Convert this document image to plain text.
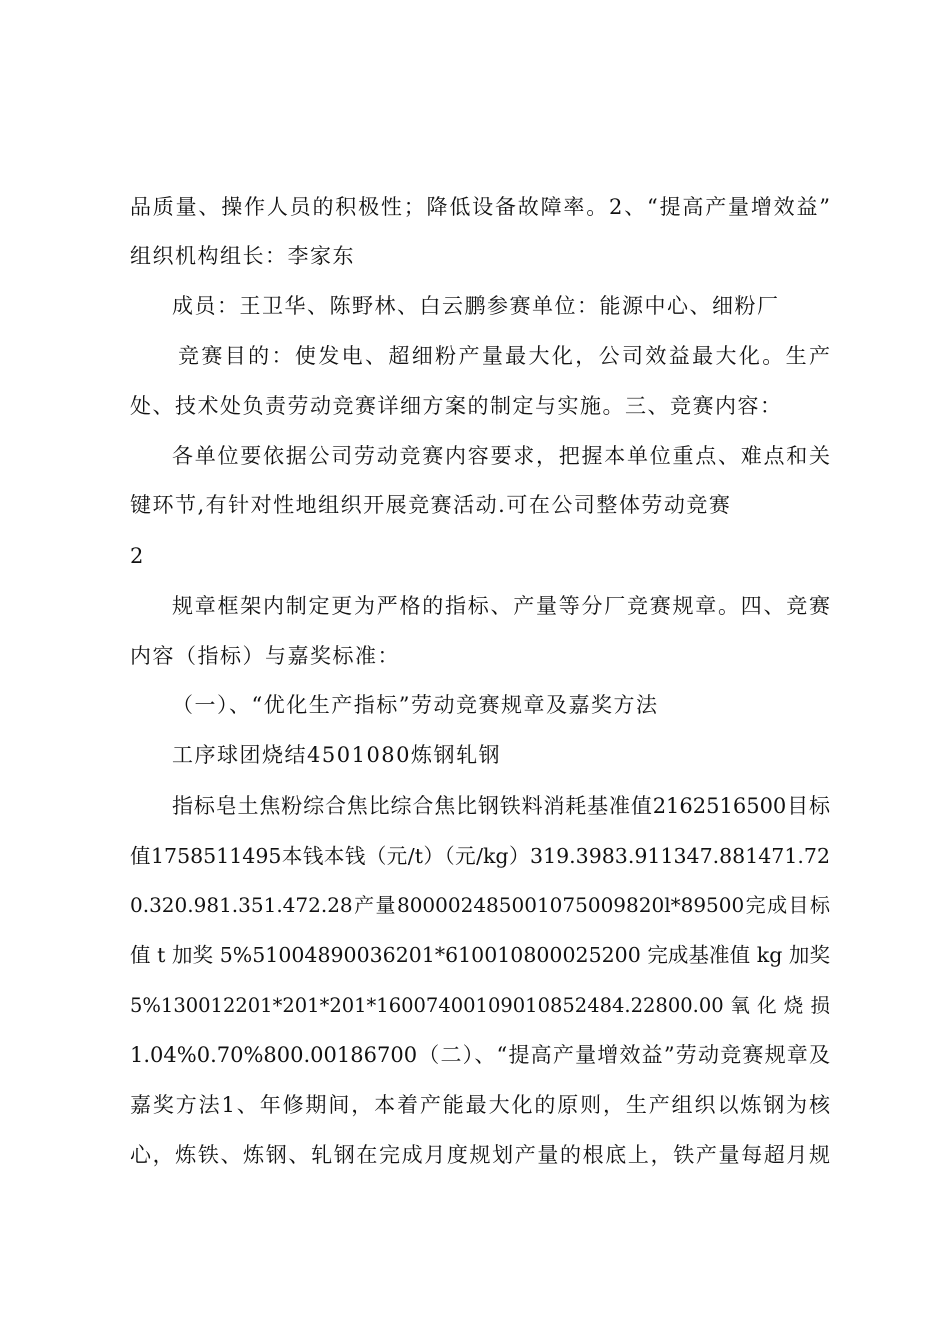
品质量、操作人员的积极性；降低设备故障率。2、“提高产量增效益”
组织机构组长：李家东
成员：王卫华、陈野林、白云鹏参赛单位：能源中心、细粉厂
竞赛目的：使发电、超细粉产量最大化，公司效益最大化。生产
处、技术处负责劳动竞赛详细方案的制定与实施。三、竞赛内容：
各单位要依据公司劳动竞赛内容要求，把握本单位重点、难点和关
键环节,有针对性地组织开展竞赛活动.可在公司整体劳动竞赛
2
规章框架内制定更为严格的指标、产量等分厂竞赛规章。四、竞赛
内容（指标）与嘉奖标准：
（一）、“优化生产指标”劳动竞赛规章及嘉奖方法
工序球团烧结4501080炼钢轧钢
指标皂土焦粉综合焦比综合焦比钢铁料消耗基准值2162516500目标
值1758511495本钱本钱（元/t）（元/kg）319.3983.911347.881471.72
0.320.981.351.472.28产量800002485001075009820l*89500完成目标
值 t 加奖 5%51004890036201*610010800025200 完成基准值 kg 加奖
5%130012201*201*201*16007400109010852484.22800.00 氧 化 烧 损
1.04%0.70%800.00186700（二）、“提高产量增效益”劳动竞赛规章及
嘉奖方法1、年修期间，本着产能最大化的原则，生产组织以炼钢为核
心，炼铁、炼钢、轧钢在完成月度规划产量的根底上，铁产量每超月规
